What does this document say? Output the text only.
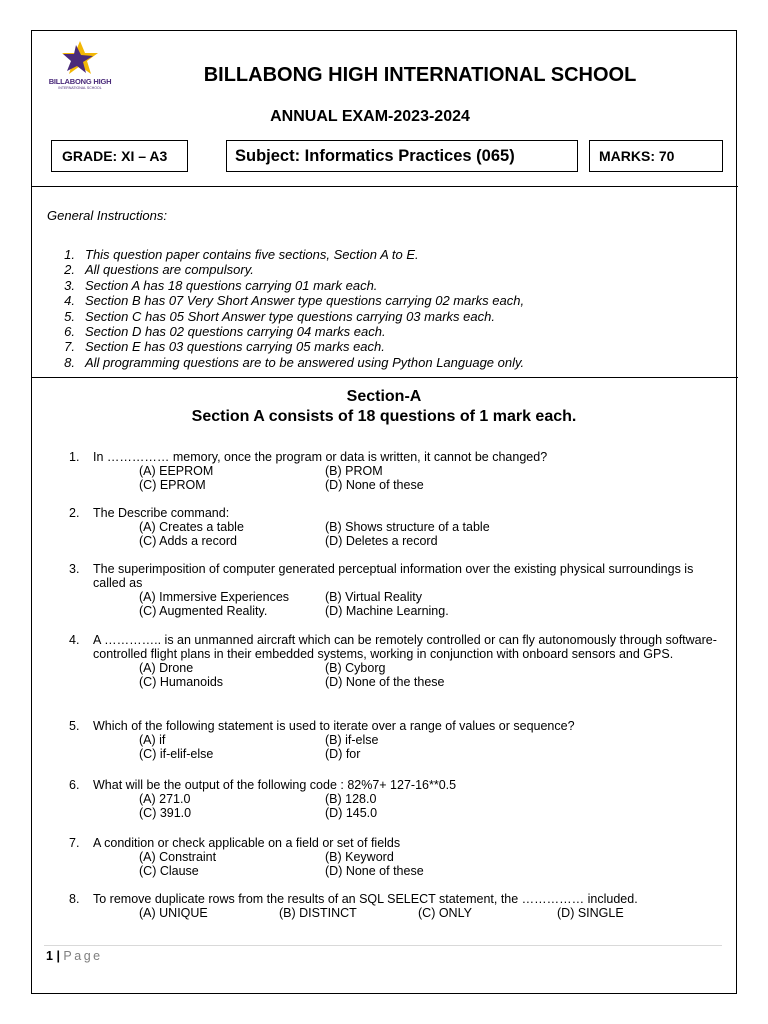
BILLABONG HIGH
INTERNATIONAL SCHOOL
BILLABONG HIGH INTERNATIONAL SCHOOL
ANNUAL EXAM-2023-2024
GRADE: XI – A3	Subject: Informatics Practices (065)	MARKS: 70
General Instructions:
1. This question paper contains five sections, Section A to E.
2. All questions are compulsory.
3. Section A has 18 questions carrying 01 mark each.
4. Section B has 07 Very Short Answer type questions carrying 02 marks each,
5. Section C has 05 Short Answer type questions carrying 03 marks each.
6. Section D has 02 questions carrying 04 marks each.
7. Section E has 03 questions carrying 05 marks each.
8. All programming questions are to be answered using Python Language only.
Section-A
Section A consists of 18 questions of 1 mark each.
1.	In …………… memory, once the program or data is written, it cannot be changed?
(A) EEPROM	(B) PROM
(C) EPROM	(D) None of these
2.	The Describe command:
(A) Creates a table	(B) Shows structure of a table
(C) Adds a record	(D) Deletes a record
3.	The superimposition of computer generated perceptual information over the existing physical surroundings is called as
(A) Immersive Experiences	(B) Virtual Reality
(C) Augmented Reality.	(D) Machine Learning.
4.	A ………….. is an unmanned aircraft which can be remotely controlled or can fly autonomously through software-controlled flight plans in their embedded systems, working in conjunction with onboard sensors and GPS.
(A) Drone	(B) Cyborg
(C) Humanoids	(D) None of the these
5.	Which of the following statement is used to iterate over a range of values or sequence?
(A) if	(B) if-else
(C) if-elif-else	(D) for
6.	What will be the output of the following code : 82%7+ 127-16**0.5
(A) 271.0	(B) 128.0
(C) 391.0	(D) 145.0
7.	A condition or check applicable on a field or set of fields
(A) Constraint	(B) Keyword
(C) Clause	(D) None of these
8.	To remove duplicate rows from the results of an SQL SELECT statement, the …………… included.
(A) UNIQUE	(B) DISTINCT	(C) ONLY	(D) SINGLE
1 | Page
